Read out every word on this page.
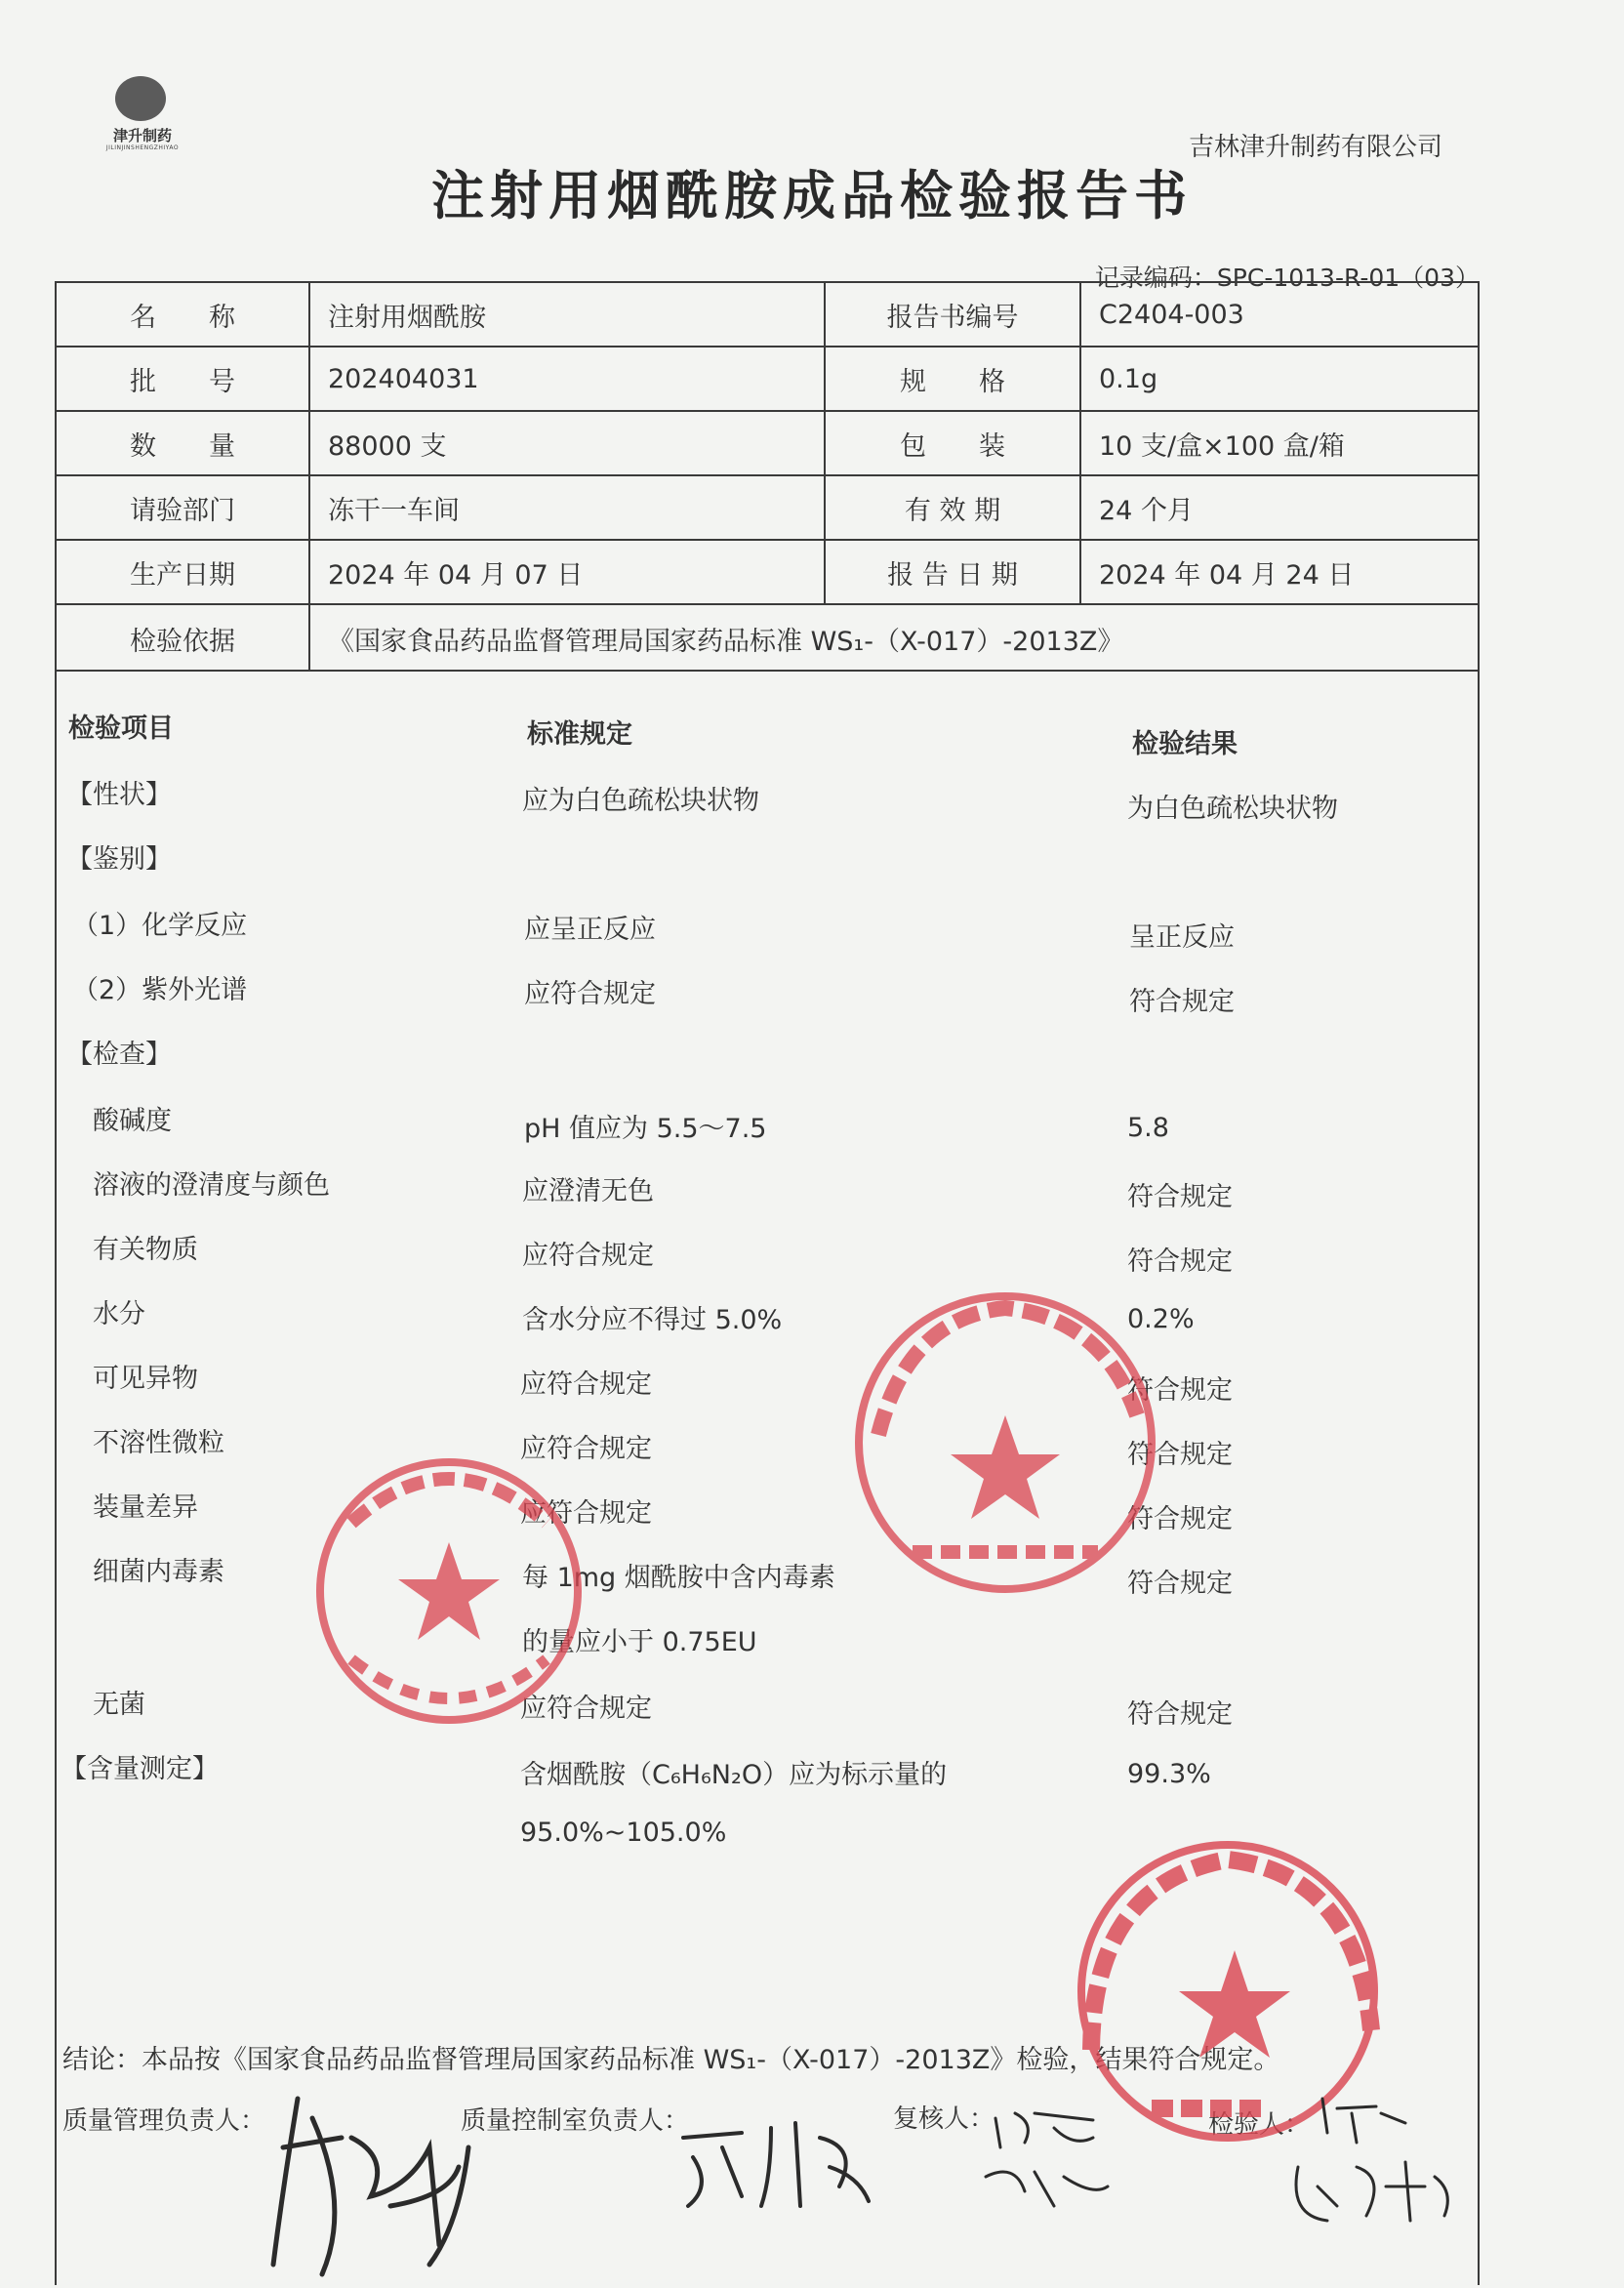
津升制药
JILINJINSHENGZHIYAO	吉林津升制药有限公司
注射用烟酰胺成品检验报告书
记录编码：SPC-1013-R-01（03）
名　　称	注射用烟酰胺	报告书编号	C2404-003
批　　号	202404031	规　　格	0.1g
数　　量	88000 支	包　　装	10 支/盒×100 盒/箱
请验部门	冻干一车间	有 效 期	24 个月
生产日期	2024 年 04 月 07 日	报 告 日 期	2024 年 04 月 24 日
检验依据	《国家食品药品监督管理局国家药品标准 WS₁-（X-017）-2013Z》
检验项目	标准规定	检验结果
【性状】	应为白色疏松块状物	为白色疏松块状物
【鉴别】
（1）化学反应	应呈正反应	呈正反应
（2）紫外光谱	应符合规定	符合规定
【检查】
酸碱度	pH 值应为 5.5～7.5	5.8
溶液的澄清度与颜色	应澄清无色	符合规定
有关物质	应符合规定	符合规定
水分	含水分应不得过 5.0%	0.2%
可见异物	应符合规定	符合规定
不溶性微粒	应符合规定	符合规定
装量差异	应符合规定	符合规定
细菌内毒素	每 1mg 烟酰胺中含内毒素	符合规定
的量应小于 0.75EU
无菌	应符合规定	符合规定
【含量测定】	含烟酰胺（C₆H₆N₂O）应为标示量的	99.3%
95.0%~105.0%
结论：本品按《国家食品药品监督管理局国家药品标准 WS₁-（X-017）-2013Z》检验，结果符合规定。
质量管理负责人：	质量控制室负责人：	复核人：	检验人：
